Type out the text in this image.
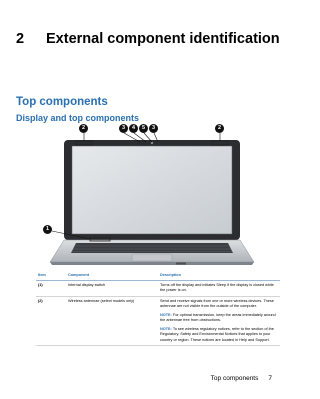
2 External component identification
Top components
Display and top components
1
2	2
3	4	5	3
Item	Component	Description
(1)	Internal display switch	Turns off the display and initiates Sleep if the display is closed while the power is on.
(2)	Wireless antennae (select models only)	Send and receive signals from one or more wireless devices. These antennae are not visible from the outside of the computer.
NOTE: For optimal transmission, keep the areas immediately around the antennae free from obstructions.
NOTE: To see wireless regulatory notices, refer to the section of the Regulatory, Safety and Environmental Notices that applies to your country or region. These notices are located in Help and Support.
Top components 7
